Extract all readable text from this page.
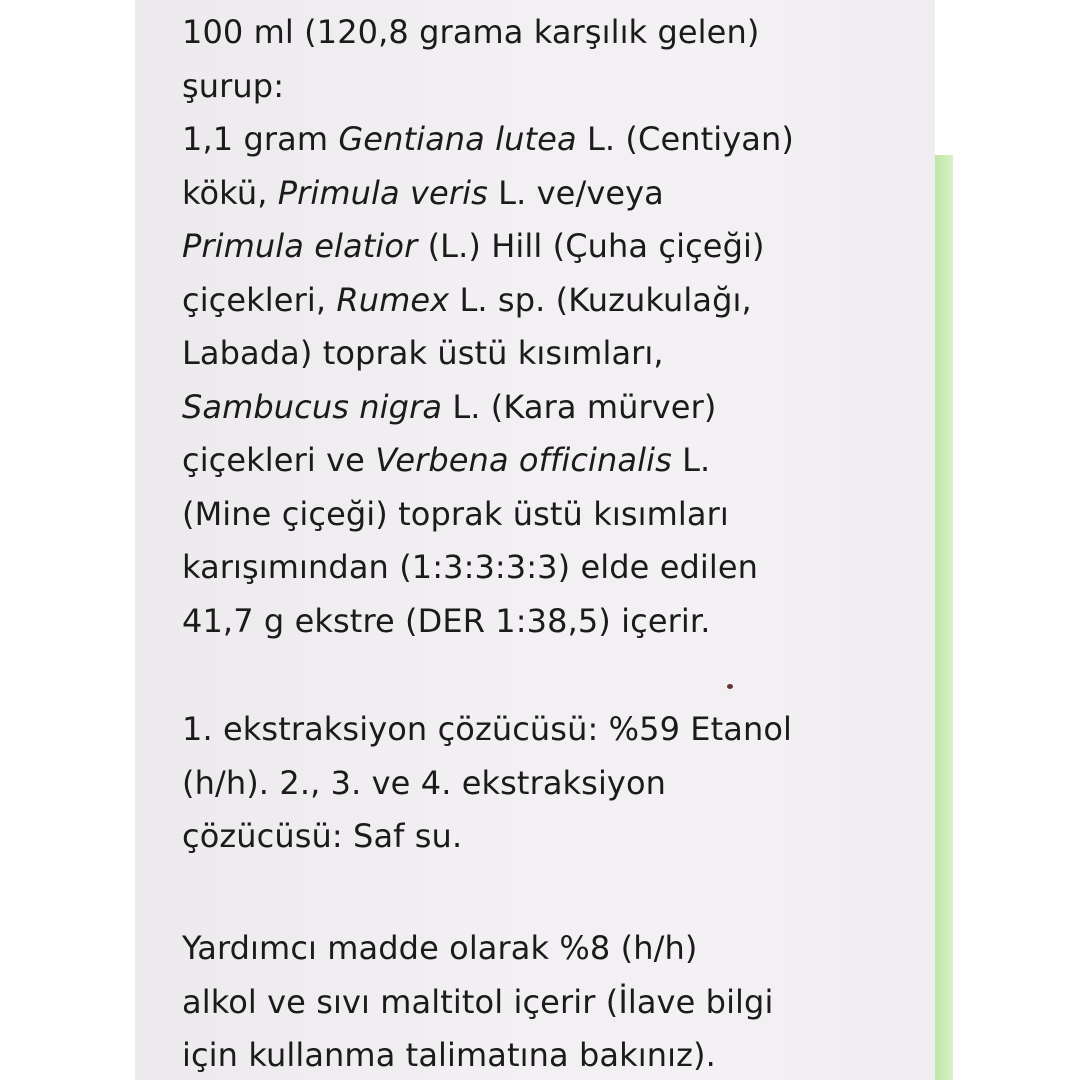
100 ml (120,8 grama karşılık gelen)
şurup:
1,1 gram Gentiana lutea L. (Centiyan)
kökü, Primula veris L. ve/veya
Primula elatior (L.) Hill (Çuha çiçeği)
çiçekleri, Rumex L. sp. (Kuzukulağı,
Labada) toprak üstü kısımları,
Sambucus nigra L. (Kara mürver)
çiçekleri ve Verbena officinalis L.
(Mine çiçeği) toprak üstü kısımları
karışımından (1:3:3:3:3) elde edilen
41,7 g ekstre (DER 1:38,5) içerir.
1. ekstraksiyon çözücüsü: %59 Etanol
(h/h). 2., 3. ve 4. ekstraksiyon
çözücüsü: Saf su.
Yardımcı madde olarak %8 (h/h)
alkol ve sıvı maltitol içerir (İlave bilgi
için kullanma talimatına bakınız).
